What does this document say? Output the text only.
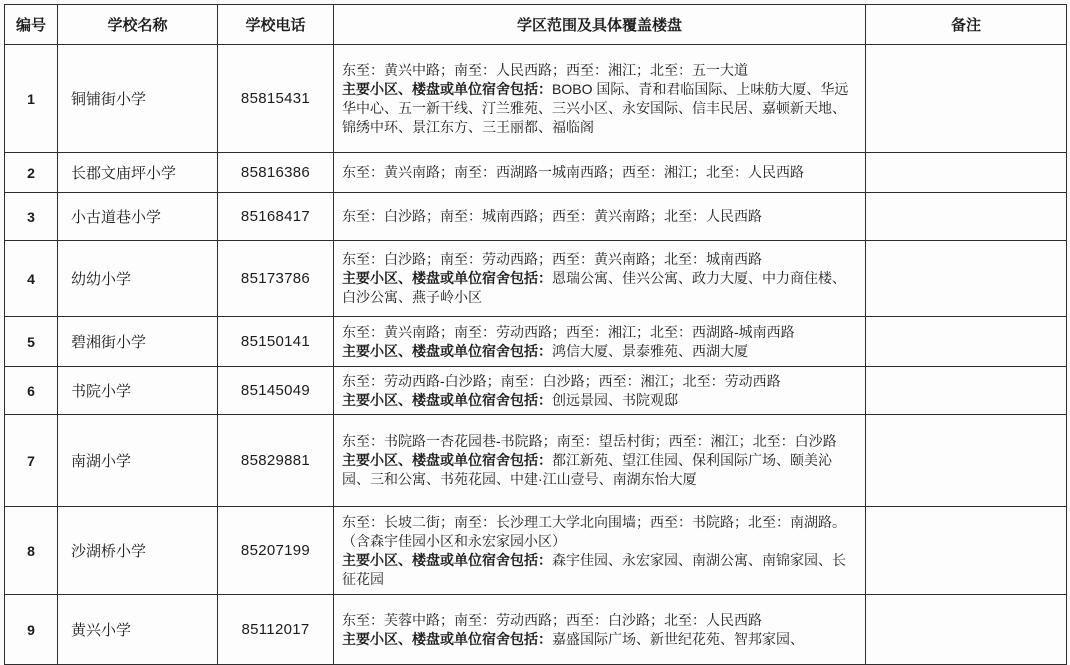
编号	学校名称	学校电话	学区范围及具体覆盖楼盘	备注
1	铜铺街小学	85815431	东至：黄兴中路；南至：人民西路；西至：湘江；北至：五一大道
主要小区、楼盘或单位宿舍包括：BOBO 国际、青和君临国际、上味舫大厦、华远华中心、五一新干线、汀兰雅苑、三兴小区、永安国际、信丰民居、嘉顿新天地、锦绣中环、景江东方、三王丽都、福临阁	

2	长郡文庙坪小学	85816386	东至：黄兴南路；南至：西湖路一城南西路；西至：湘江；北至：人民西路	

3	小古道巷小学	85168417	东至：白沙路；南至：城南西路；西至：黄兴南路；北至：人民西路	

4	幼幼小学	85173786	东至：白沙路；南至：劳动西路；西至：黄兴南路；北至：城南西路
主要小区、楼盘或单位宿舍包括：恩瑞公寓、佳兴公寓、政力大厦、中力商住楼、白沙公寓、燕子岭小区	

5	碧湘街小学	85150141	东至：黄兴南路；南至：劳动西路；西至：湘江；北至：西湖路-城南西路
主要小区、楼盘或单位宿舍包括：鸿信大厦、景泰雅苑、西湖大厦	

6	书院小学	85145049	东至：劳动西路-白沙路；南至：白沙路；西至：湘江；北至：劳动西路
主要小区、楼盘或单位宿舍包括：创远景园、书院观邸	

7	南湖小学	85829881	东至：书院路一杏花园巷-书院路；南至：望岳村街；西至：湘江；北至：白沙路
主要小区、楼盘或单位宿舍包括：都江新苑、望江佳园、保利国际广场、颐美沁园、三和公寓、书苑花园、中建·江山壹号、南湖东怡大厦	

8	沙湖桥小学	85207199	东至：长坡二街；南至：长沙理工大学北向围墙；西至：书院路；北至：南湖路。（含森宇佳园小区和永宏家园小区）
主要小区、楼盘或单位宿舍包括：森宇佳园、永宏家园、南湖公寓、南锦家园、长征花园	

9	黄兴小学	85112017	东至：芙蓉中路；南至：劳动西路；西至：白沙路；北至：人民西路
主要小区、楼盘或单位宿舍包括：嘉盛国际广场、新世纪花苑、智邦家园、	
